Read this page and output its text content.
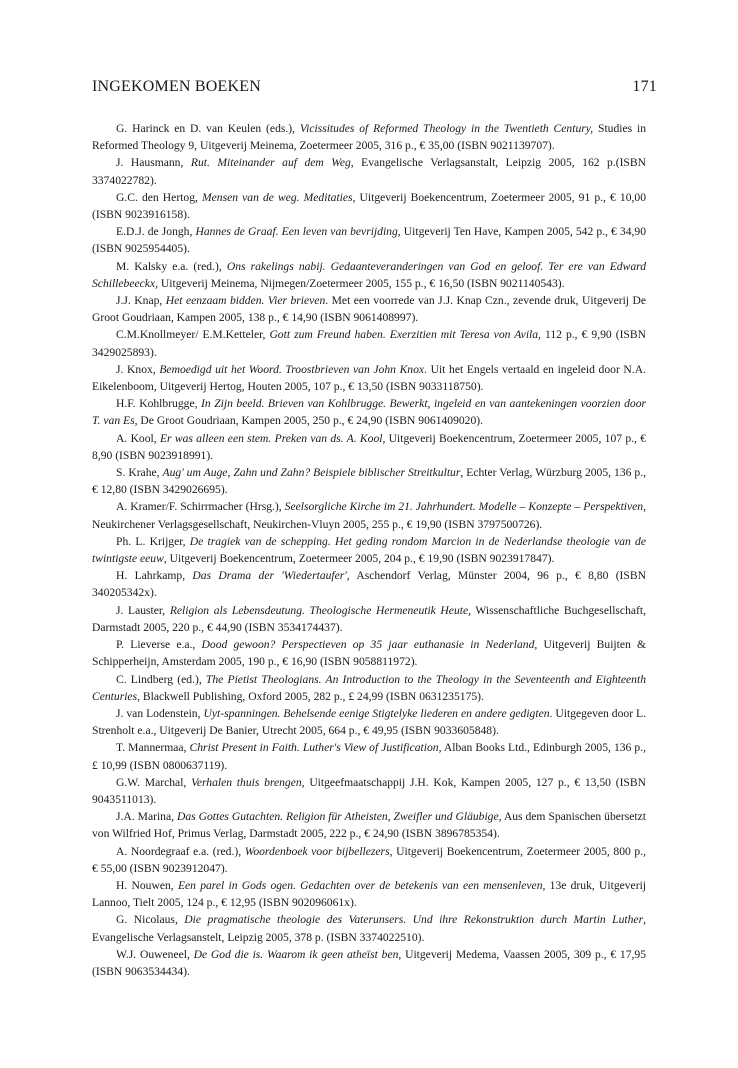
INGEKOMEN BOEKEN	171

G. Harinck en D. van Keulen (eds.), Vicissitudes of Reformed Theology in the Twentieth Century, Studies in Reformed Theology 9, Uitgeverij Meinema, Zoetermeer 2005, 316 p., € 35,00 (ISBN 9021139707).

J. Hausmann, Rut. Miteinander auf dem Weg, Evangelische Verlagsanstalt, Leipzig 2005, 162 p.(ISBN 3374022782).

G.C. den Hertog, Mensen van de weg. Meditaties, Uitgeverij Boekencentrum, Zoetermeer 2005, 91 p., € 10,00 (ISBN 9023916158).

E.D.J. de Jongh, Hannes de Graaf. Een leven van bevrijding, Uitgeverij Ten Have, Kampen 2005, 542 p., € 34,90 (ISBN 9025954405).

M. Kalsky e.a. (red.), Ons rakelings nabij. Gedaanteveranderingen van God en geloof. Ter ere van Edward Schillebeeckx, Uitgeverij Meinema, Nijmegen/Zoetermeer 2005, 155 p., € 16,50 (ISBN 9021140543).

J.J. Knap, Het eenzaam bidden. Vier brieven. Met een voorrede van J.J. Knap Czn., zevende druk, Uitgeverij De Groot Goudriaan, Kampen 2005, 138 p., € 14,90 (ISBN 9061408997).

C.M.Knollmeyer/ E.M.Ketteler, Gott zum Freund haben. Exerzitien mit Teresa von Avila, 112 p., € 9,90 (ISBN 3429025893).

J. Knox, Bemoedigd uit het Woord. Troostbrieven van John Knox. Uit het Engels vertaald en ingeleid door N.A. Eikelenboom, Uitgeverij Hertog, Houten 2005, 107 p., € 13,50 (ISBN 9033118750).

H.F. Kohlbrugge, In Zijn beeld. Brieven van Kohlbrugge. Bewerkt, ingeleid en van aantekeningen voorzien door T. van Es, De Groot Goudriaan, Kampen 2005, 250 p., € 24,90 (ISBN 9061409020).

A. Kool, Er was alleen een stem. Preken van ds. A. Kool, Uitgeverij Boekencentrum, Zoetermeer 2005, 107 p., € 8,90 (ISBN 9023918991).

S. Krahe, Aug' um Auge, Zahn und Zahn? Beispiele biblischer Streitkultur, Echter Verlag, Würzburg 2005, 136 p., € 12,80 (ISBN 3429026695).

A. Kramer/F. Schirrmacher (Hrsg.), Seelsorgliche Kirche im 21. Jahrhundert. Modelle – Konzepte – Perspektiven, Neukirchener Verlagsgesellschaft, Neukirchen-Vluyn 2005, 255 p., € 19,90 (ISBN 3797500726).

Ph. L. Krijger, De tragiek van de schepping. Het geding rondom Marcion in de Nederlandse theologie van de twintigste eeuw, Uitgeverij Boekencentrum, Zoetermeer 2005, 204 p., € 19,90 (ISBN 9023917847).

H. Lahrkamp, Das Drama der 'Wiedertaufer', Aschendorf Verlag, Münster 2004, 96 p., € 8,80 (ISBN 340205342x).

J. Lauster, Religion als Lebensdeutung. Theologische Hermeneutik Heute, Wissenschaftliche Buchgesellschaft, Darmstadt 2005, 220 p., € 44,90 (ISBN 3534174437).

P. Lieverse e.a., Dood gewoon? Perspectieven op 35 jaar euthanasie in Nederland, Uitgeverij Buijten & Schipperheijn, Amsterdam 2005, 190 p., € 16,90 (ISBN 9058811972).

C. Lindberg (ed.), The Pietist Theologians. An Introduction to the Theology in the Seventeenth and Eighteenth Centuries, Blackwell Publishing, Oxford 2005, 282 p., £ 24,99 (ISBN 0631235175).

J. van Lodenstein, Uyt-spanningen. Behelsende eenige Stigtelyke liederen en andere gedigten. Uitgegeven door L. Strenholt e.a., Uitgeverij De Banier, Utrecht 2005, 664 p., € 49,95 (ISBN 9033605848).

T. Mannermaa, Christ Present in Faith. Luther's View of Justification, Alban Books Ltd., Edinburgh 2005, 136 p., £ 10,99 (ISBN 0800637119).

G.W. Marchal, Verhalen thuis brengen, Uitgeefmaatschappij J.H. Kok, Kampen 2005, 127 p., € 13,50 (ISBN 9043511013).

J.A. Marina, Das Gottes Gutachten. Religion für Atheisten, Zweifler und Gläubige, Aus dem Spanischen übersetzt von Wilfried Hof, Primus Verlag, Darmstadt 2005, 222 p., € 24,90 (ISBN 3896785354).

A. Noordegraaf e.a. (red.), Woordenboek voor bijbellezers, Uitgeverij Boekencentrum, Zoetermeer 2005, 800 p., € 55,00 (ISBN 9023912047).

H. Nouwen, Een parel in Gods ogen. Gedachten over de betekenis van een mensenleven, 13e druk, Uitgeverij Lannoo, Tielt 2005, 124 p., € 12,95 (ISBN 902096061x).

G. Nicolaus, Die pragmatische theologie des Vaterunsers. Und ihre Rekonstruktion durch Martin Luther, Evangelische Verlagsanstelt, Leipzig 2005, 378 p. (ISBN 3374022510).

W.J. Ouweneel, De God die is. Waarom ik geen atheïst ben, Uitgeverij Medema, Vaassen 2005, 309 p., € 17,95 (ISBN 9063534434).
